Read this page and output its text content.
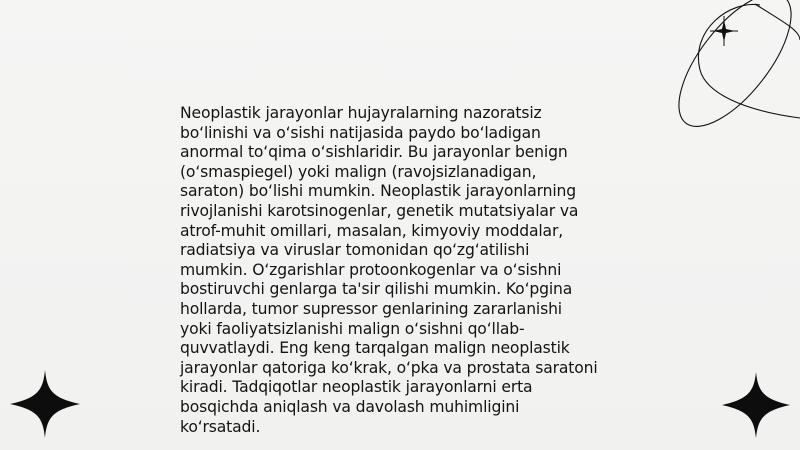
Neoplastik jarayonlar hujayralarning nazoratsiz
bo‘linishi va o‘sishi natijasida paydo bo‘ladigan
anormal to‘qima o‘sishlaridir. Bu jarayonlar benign
(o‘smaspiegel) yoki malign (ravojsizlanadigan,
saraton) bo‘lishi mumkin. Neoplastik jarayonlarning
rivojlanishi karotsinogenlar, genetik mutatsiyalar va
atrof-muhit omillari, masalan, kimyoviy moddalar,
radiatsiya va viruslar tomonidan qo‘zg‘atilishi
mumkin. O‘zgarishlar protoonkogenlar va o‘sishni
bostiruvchi genlarga ta'sir qilishi mumkin. Ko‘pgina
hollarda, tumor supressor genlarining zararlanishi
yoki faoliyatsizlanishi malign o‘sishni qo‘llab-
quvvatlaydi. Eng keng tarqalgan malign neoplastik
jarayonlar qatoriga ko‘krak, o‘pka va prostata saratoni
kiradi. Tadqiqotlar neoplastik jarayonlarni erta
bosqichda aniqlash va davolash muhimligini
ko‘rsatadi.
